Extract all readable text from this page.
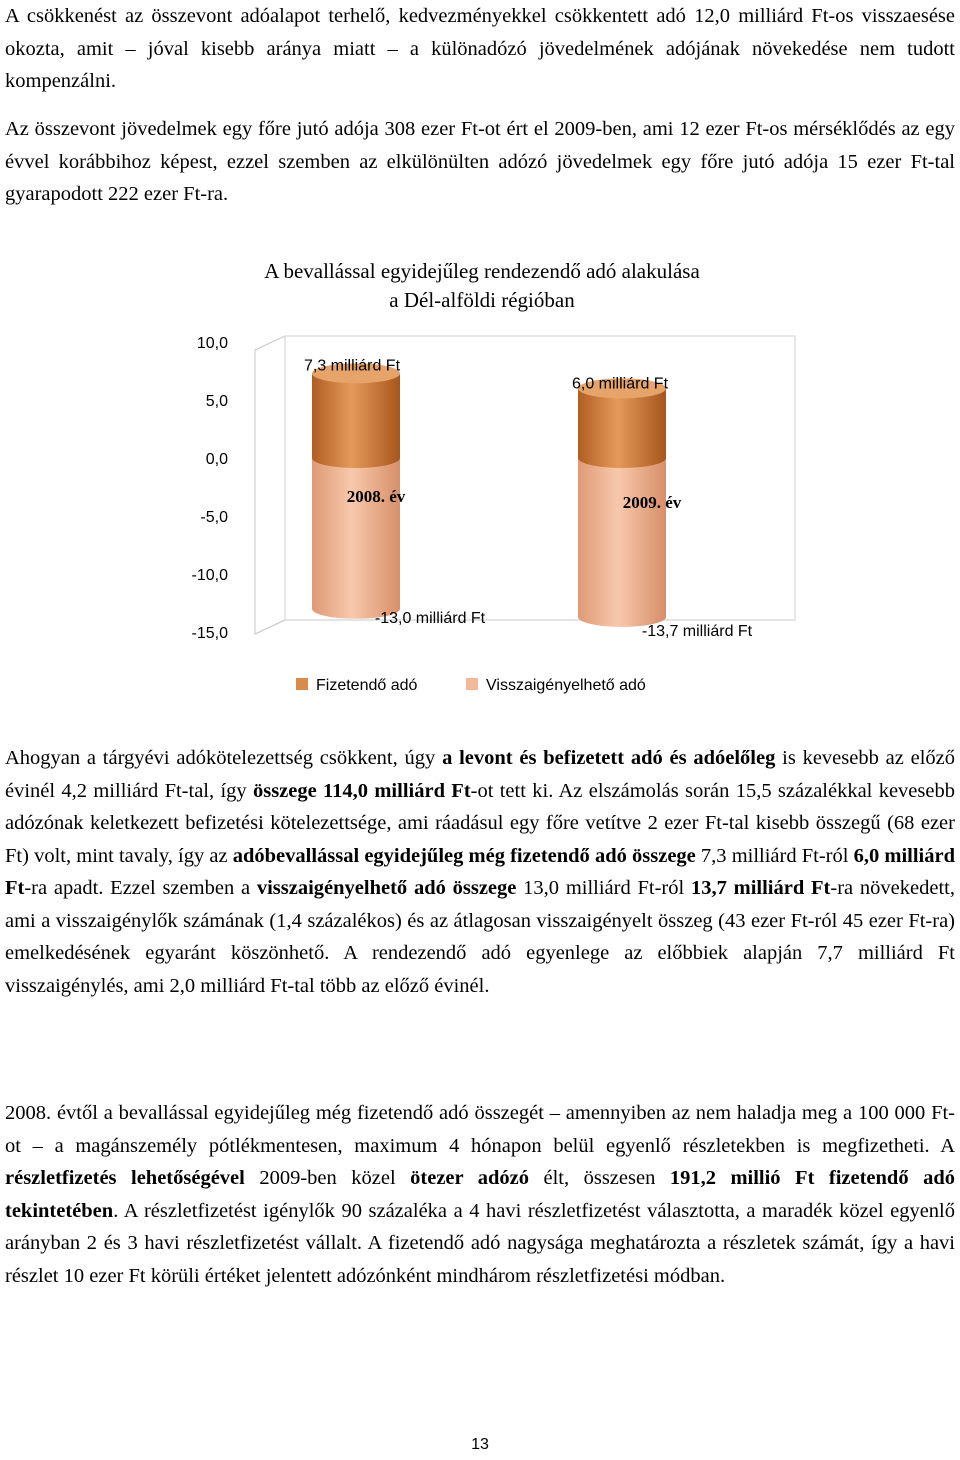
A csökkenést az összevont adóalapot terhelő, kedvezményekkel csökkentett adó 12,0 milliárd Ft-os visszaesése okozta, amit – jóval kisebb aránya miatt – a különadózó jövedelmének adójának növekedése nem tudott kompenzálni.
Az összevont jövedelmek egy főre jutó adója 308 ezer Ft-ot ért el 2009-ben, ami 12 ezer Ft-os mérséklődés az egy évvel korábbihoz képest, ezzel szemben az elkülönülten adózó jövedelmek egy főre jutó adója 15 ezer Ft-tal gyarapodott 222 ezer Ft-ra.
A bevallással egyidejűleg rendezendő adó alakulása
a Dél-alföldi régióban
10,0
5,0
0,0
-5,0
-10,0
-15,0
2008. év	2009. év
7,3 milliárd Ft
6,0 milliárd Ft
-13,0 milliárd Ft
-13,7 milliárd Ft
Fizetendő adó	Visszaigényelhető adó
Ahogyan a tárgyévi adókötelezettség csökkent, úgy a levont és befizetett adó és adóelőleg is kevesebb az előző évinél 4,2 milliárd Ft-tal, így összege 114,0 milliárd Ft-ot tett ki. Az elszámolás során 15,5 százalékkal kevesebb adózónak keletkezett befizetési kötelezettsége, ami ráadásul egy főre vetítve 2 ezer Ft-tal kisebb összegű (68 ezer Ft) volt, mint tavaly, így az adóbevallással egyidejűleg még fizetendő adó összege 7,3 milliárd Ft-ról 6,0 milliárd Ft-ra apadt. Ezzel szemben a visszaigényelhető adó összege 13,0 milliárd Ft-ról 13,7 milliárd Ft-ra növekedett, ami a visszaigénylők számának (1,4 százalékos) és az átlagosan visszaigényelt összeg (43 ezer Ft-ról 45 ezer Ft-ra) emelkedésének egyaránt köszönhető. A rendezendő adó egyenlege az előbbiek alapján 7,7 milliárd Ft visszaigénylés, ami 2,0 milliárd Ft-tal több az előző évinél.
2008. évtől a bevallással egyidejűleg még fizetendő adó összegét – amennyiben az nem haladja meg a 100 000 Ft-ot – a magánszemély pótlékmentesen, maximum 4 hónapon belül egyenlő részletekben is megfizetheti. A részletfizetés lehetőségével 2009-ben közel ötezer adózó élt, összesen 191,2 millió Ft fizetendő adó tekintetében. A részletfizetést igénylők 90 százaléka a 4 havi részletfizetést választotta, a maradék közel egyenlő arányban 2 és 3 havi részletfizetést vállalt. A fizetendő adó nagysága meghatározta a részletek számát, így a havi részlet 10 ezer Ft körüli értéket jelentett adózónként mindhárom részletfizetési módban.
13
